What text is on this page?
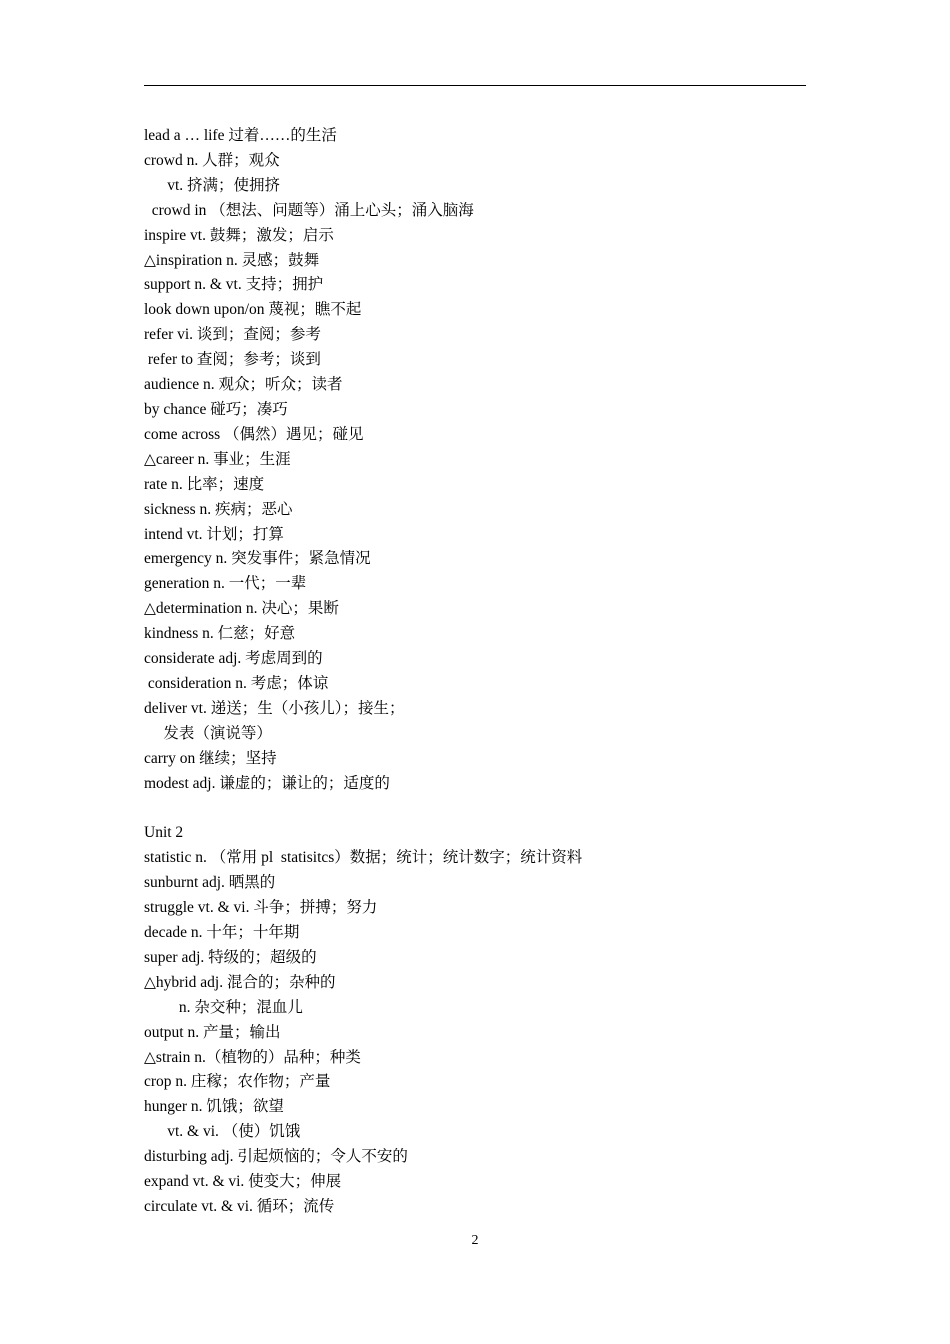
lead a … life 过着……的生活
crowd n. 人群；观众
vt. 挤满；使拥挤
crowd in （想法、问题等）涌上心头；涌入脑海
inspire vt. 鼓舞；激发；启示
△inspiration n. 灵感；鼓舞
support n. & vt. 支持；拥护
look down upon/on 蔑视；瞧不起
refer vi. 谈到；查阅；参考
refer to 查阅；参考；谈到
audience n. 观众；听众；读者
by chance 碰巧；凑巧
come across （偶然）遇见；碰见
△career n. 事业；生涯
rate n. 比率；速度
sickness n. 疾病；恶心
intend vt. 计划；打算
emergency n. 突发事件；紧急情况
generation n. 一代；一辈
△determination n. 决心；果断
kindness n. 仁慈；好意
considerate adj. 考虑周到的
consideration n. 考虑；体谅
deliver vt. 递送；生（小孩儿）；接生；
发表（演说等）
carry on 继续；坚持
modest adj. 谦虚的；谦让的；适度的
Unit 2
statistic n. （常用 pl  statisitcs）数据；统计；统计数字；统计资料
sunburnt adj. 晒黑的
struggle vt. & vi. 斗争；拼搏；努力
decade n. 十年；十年期
super adj. 特级的；超级的
△hybrid adj. 混合的；杂种的
n. 杂交种；混血儿
output n. 产量；输出
△strain n.（植物的）品种；种类
crop n. 庄稼；农作物；产量
hunger n. 饥饿；欲望
vt. & vi. （使）饥饿
disturbing adj. 引起烦恼的；令人不安的
expand vt. & vi. 使变大；伸展
circulate vt. & vi. 循环；流传
2
